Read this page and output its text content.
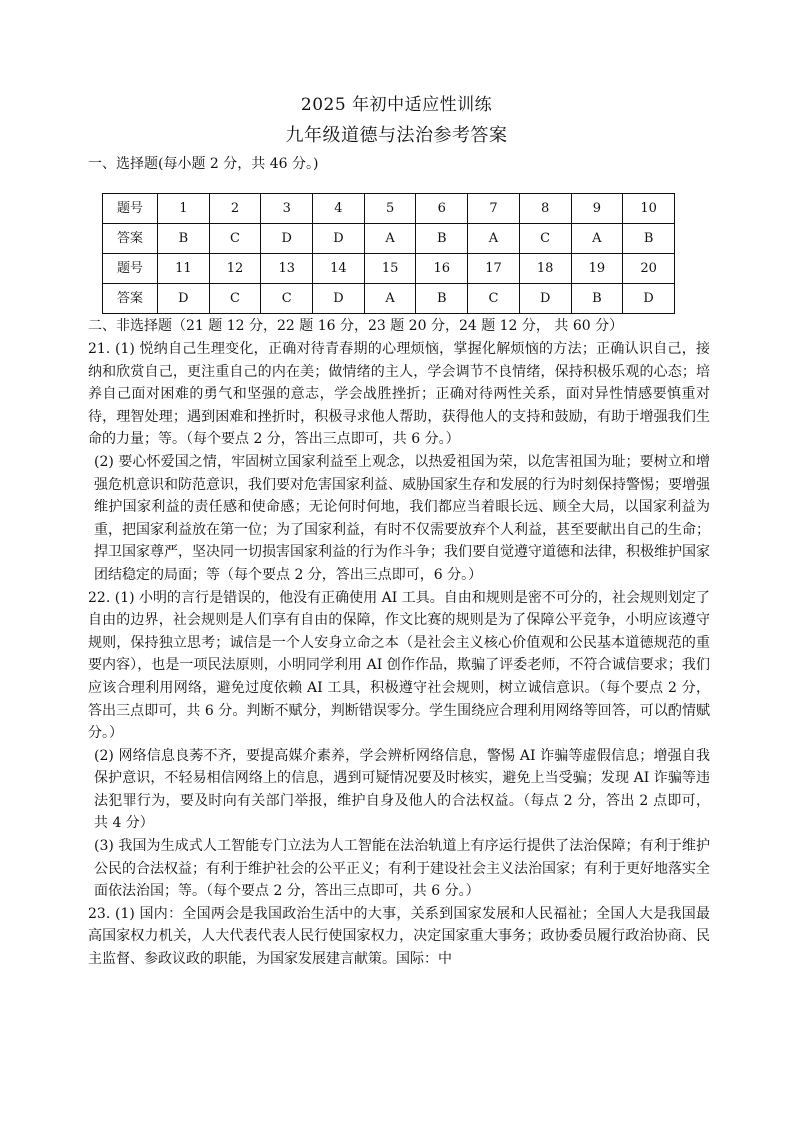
2025 年初中适应性训练
九年级道德与法治参考答案
一、选择题(每小题 2 分，共 46 分。)
题号	1	2	3	4	5	6	7	8	9	10
答案	B	C	D	D	A	B	A	C	A	B
题号	11	12	13	14	15	16	17	18	19	20
答案	D	C	C	D	A	B	C	D	B	D
二、非选择题（21 题 12 分，22 题 16 分，23 题 20 分，24 题 12 分， 共 60 分）

21. (1) 悦纳自己生理变化，正确对待青春期的心理烦恼，掌握化解烦恼的方法；正确认识自己，接纳和欣赏自己，更注重自己的内在美；做情绪的主人，学会调节不良情绪，保持积极乐观的心态；培养自己面对困难的勇气和坚强的意志，学会战胜挫折；正确对待两性关系，面对异性情感要慎重对待，理智处理；遇到困难和挫折时，积极寻求他人帮助，获得他人的支持和鼓励，有助于增强我们生命的力量；等。（每个要点 2 分，答出三点即可，共 6 分。）

(2) 要心怀爱国之情，牢固树立国家利益至上观念，以热爱祖国为荣，以危害祖国为耻；要树立和增强危机意识和防范意识，我们要对危害国家利益、威胁国家生存和发展的行为时刻保持警惕；要增强维护国家利益的责任感和使命感；无论何时何地，我们都应当着眼长远、顾全大局，以国家利益为重，把国家利益放在第一位；为了国家利益，有时不仅需要放弃个人利益，甚至要献出自己的生命；捍卫国家尊严，坚决同一切损害国家利益的行为作斗争；我们要自觉遵守道德和法律，积极维护国家团结稳定的局面；等（每个要点 2 分，答出三点即可，6 分。）

22. (1) 小明的言行是错误的，他没有正确使用 AI 工具。自由和规则是密不可分的，社会规则划定了自由的边界，社会规则是人们享有自由的保障，作文比赛的规则是为了保障公平竞争，小明应该遵守规则，保持独立思考；诚信是一个人安身立命之本（是社会主义核心价值观和公民基本道德规范的重要内容），也是一项民法原则，小明同学利用 AI 创作作品，欺骗了评委老师，不符合诚信要求；我们应该合理利用网络，避免过度依赖 AI 工具，积极遵守社会规则，树立诚信意识。（每个要点 2 分，答出三点即可，共 6 分。判断不赋分，判断错误零分。学生围绕应合理利用网络等回答，可以酌情赋分。）

(2) 网络信息良莠不齐，要提高媒介素养，学会辨析网络信息，警惕 AI 诈骗等虚假信息；增强自我保护意识，不轻易相信网络上的信息，遇到可疑情况要及时核实，避免上当受骗；发现 AI 诈骗等违法犯罪行为，要及时向有关部门举报，维护自身及他人的合法权益。（每点 2 分，答出 2 点即可，共 4 分）

(3) 我国为生成式人工智能专门立法为人工智能在法治轨道上有序运行提供了法治保障；有利于维护公民的合法权益；有利于维护社会的公平正义；有利于建设社会主义法治国家；有利于更好地落实全面依法治国；等。（每个要点 2 分，答出三点即可，共 6 分。）

23. (1) 国内：全国两会是我国政治生活中的大事，关系到国家发展和人民福祉；全国人大是我国最高国家权力机关，人大代表代表人民行使国家权力，决定国家重大事务；政协委员履行政治协商、民主监督、参政议政的职能，为国家发展建言献策。国际：中
